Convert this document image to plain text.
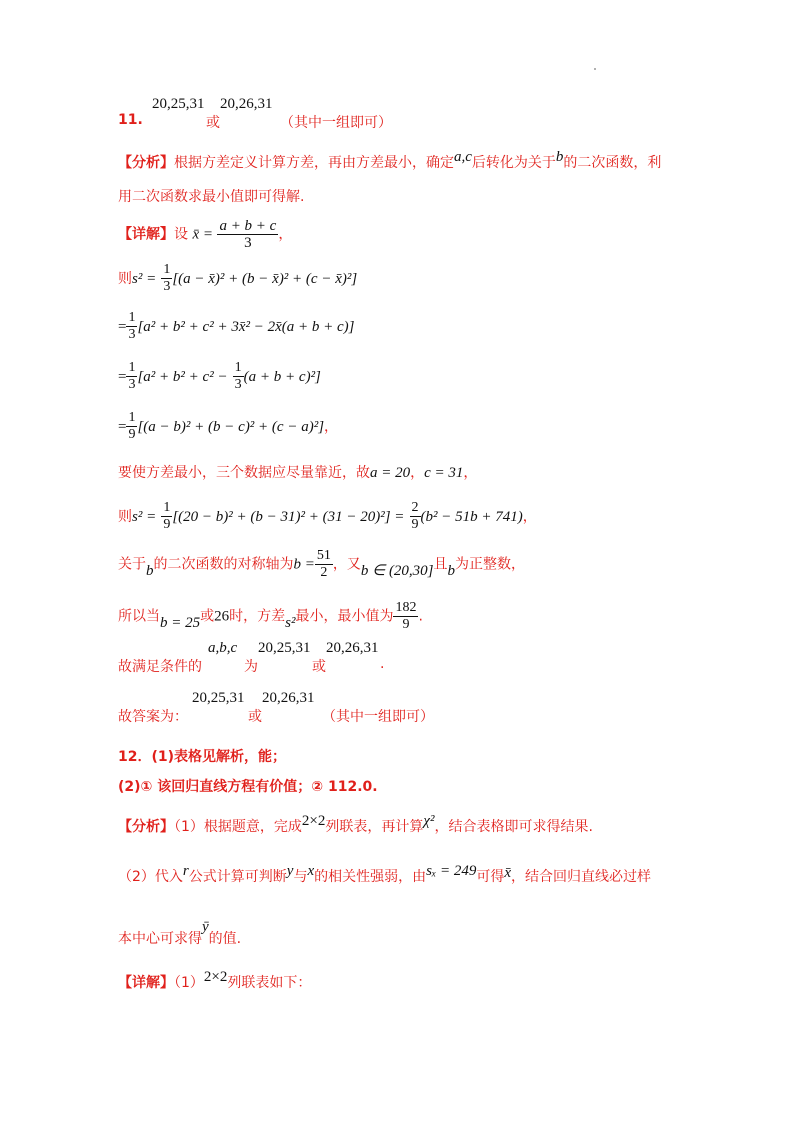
11.
20,25,31
或
20,26,31
（其中一组即可）
【分析】根据方差定义计算方差，再由方差最小，确定a,c后转化为关于b的二次函数，利
用二次函数求最小值即可得解.
【详解】设 x̄ = $\frac{a + b + c}{3}$ ，
则$s^2 = \frac{1}{3} [(a$ − x̄)² + (b − x̄)² + (c − x̄)²]
= $\frac{1}{3} [a^2 + b^2 + c^2$ + 3x̄² − 2x̄(a + b + c)]
= $\frac{1}{3} [a^2 + b^2 + c^2 - \frac{1}{3} (a + b + c)^2]$
= $\frac{1}{9} [(a - b)^2 + (b - c)^2 + (c - a)^2]$，
要使方差最小，三个数据应尽量靠近，故a = 20，c = 31，
则$s^2 = \frac{1}{9} [(20 - b)^2 + (b - 31)^2 + (31 - 20)^2] = \frac{2}{9} (b^2 - 51b + 741)$，
关于b的二次函数的对称轴为$b = \frac{51}{2}$ ，又b ∈ (20,30]且b为正整数，
所以当b = 25或26时，方差s²最小，最小值为 $\frac{182}{9}$ .
故满足条件的
a,b,c
为
20,25,31
或
20,26,31
.
故答案为：
20,25,31
或
20,26,31
（其中一组即可）
12．(1)表格见解析，能；
(2)① 该回归直线方程有价值；② 112.0.
【分析】（1）根据题意，完成2×2列联表，再计算χ²，结合表格即可求得结果.
（2）代入r公式计算可判断y与x的相关性强弱，由sₓ = 249可得x̄，结合回归直线必过样
本中心可求得ȳ的值.
【详解】（1）2×2列联表如下：
